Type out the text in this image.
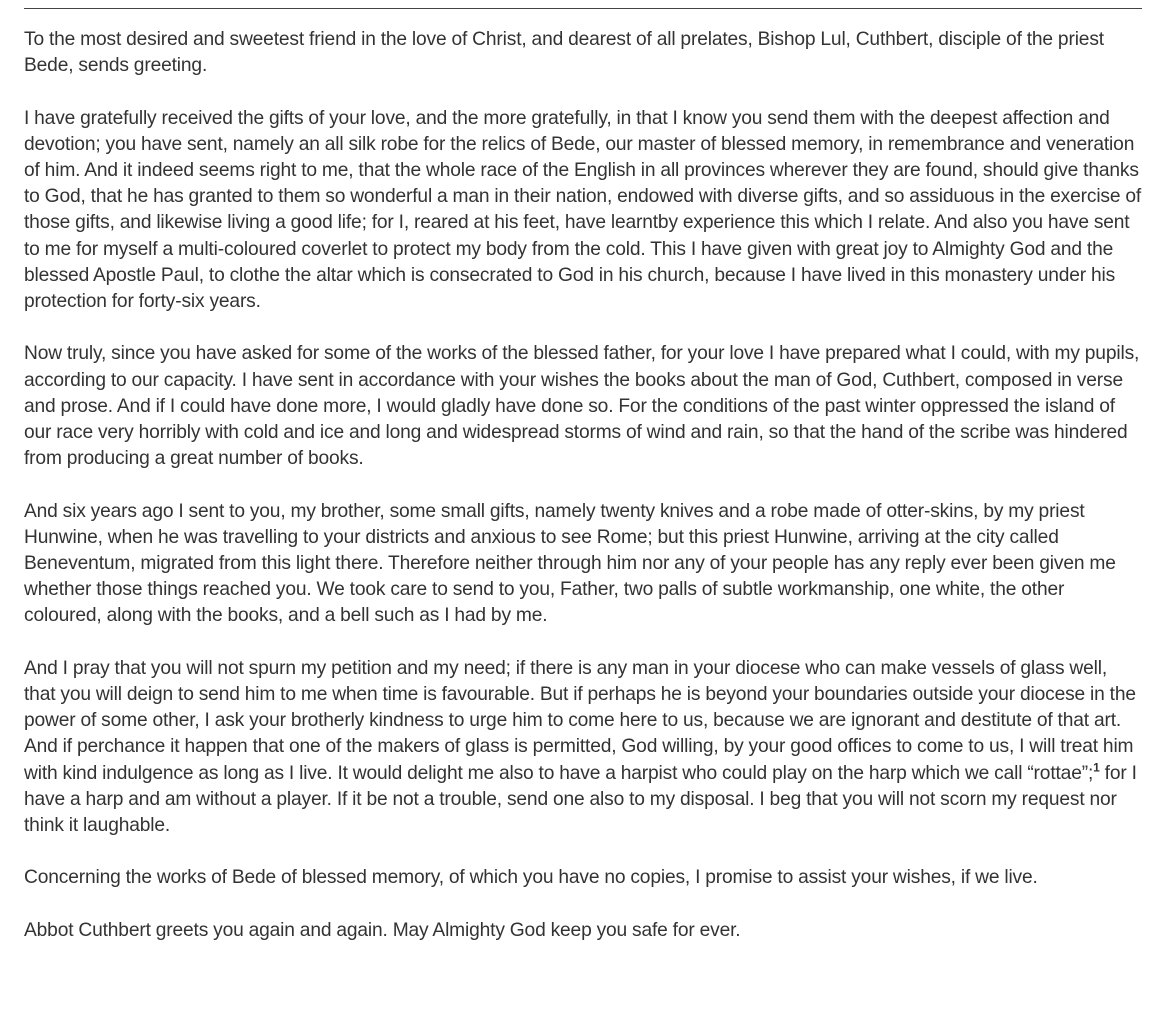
To the most desired and sweetest friend in the love of Christ, and dearest of all prelates, Bishop Lul, Cuthbert, disciple of the priest Bede, sends greeting.

I have gratefully received the gifts of your love, and the more gratefully, in that I know you send them with the deepest affection and devotion; you have sent, namely an all silk robe for the relics of Bede, our master of blessed memory, in remembrance and veneration of him. And it indeed seems right to me, that the whole race of the English in all provinces wherever they are found, should give thanks to God, that he has granted to them so wonderful a man in their nation, endowed with diverse gifts, and so assiduous in the exercise of those gifts, and likewise living a good life; for I, reared at his feet, have learntby experience this which I relate. And also you have sent to me for myself a multi-coloured coverlet to protect my body from the cold. This I have given with great joy to Almighty God and the blessed Apostle Paul, to clothe the altar which is consecrated to God in his church, because I have lived in this monastery under his protection for forty-six years.

Now truly, since you have asked for some of the works of the blessed father, for your love I have prepared what I could, with my pupils, according to our capacity. I have sent in accordance with your wishes the books about the man of God, Cuthbert, composed in verse and prose. And if I could have done more, I would gladly have done so. For the conditions of the past winter oppressed the island of our race very horribly with cold and ice and long and widespread storms of wind and rain, so that the hand of the scribe was hindered from producing a great number of books.

And six years ago I sent to you, my brother, some small gifts, namely twenty knives and a robe made of otter-skins, by my priest Hunwine, when he was travelling to your districts and anxious to see Rome; but this priest Hunwine, arriving at the city called Beneventum, migrated from this light there. Therefore neither through him nor any of your people has any reply ever been given me whether those things reached you. We took care to send to you, Father, two palls of subtle workmanship, one white, the other coloured, along with the books, and a bell such as I had by me.

And I pray that you will not spurn my petition and my need; if there is any man in your diocese who can make vessels of glass well, that you will deign to send him to me when time is favourable. But if perhaps he is beyond your boundaries outside your diocese in the power of some other, I ask your brotherly kindness to urge him to come here to us, because we are ignorant and destitute of that art. And if perchance it happen that one of the makers of glass is permitted, God willing, by your good offices to come to us, I will treat him with kind indulgence as long as I live. It would delight me also to have a harpist who could play on the harp which we call “rottae”;$^1$ for I have a harp and am without a player. If it be not a trouble, send one also to my disposal. I beg that you will not scorn my request nor think it laughable.

Concerning the works of Bede of blessed memory, of which you have no copies, I promise to assist your wishes, if we live.

Abbot Cuthbert greets you again and again. May Almighty God keep you safe for ever.
